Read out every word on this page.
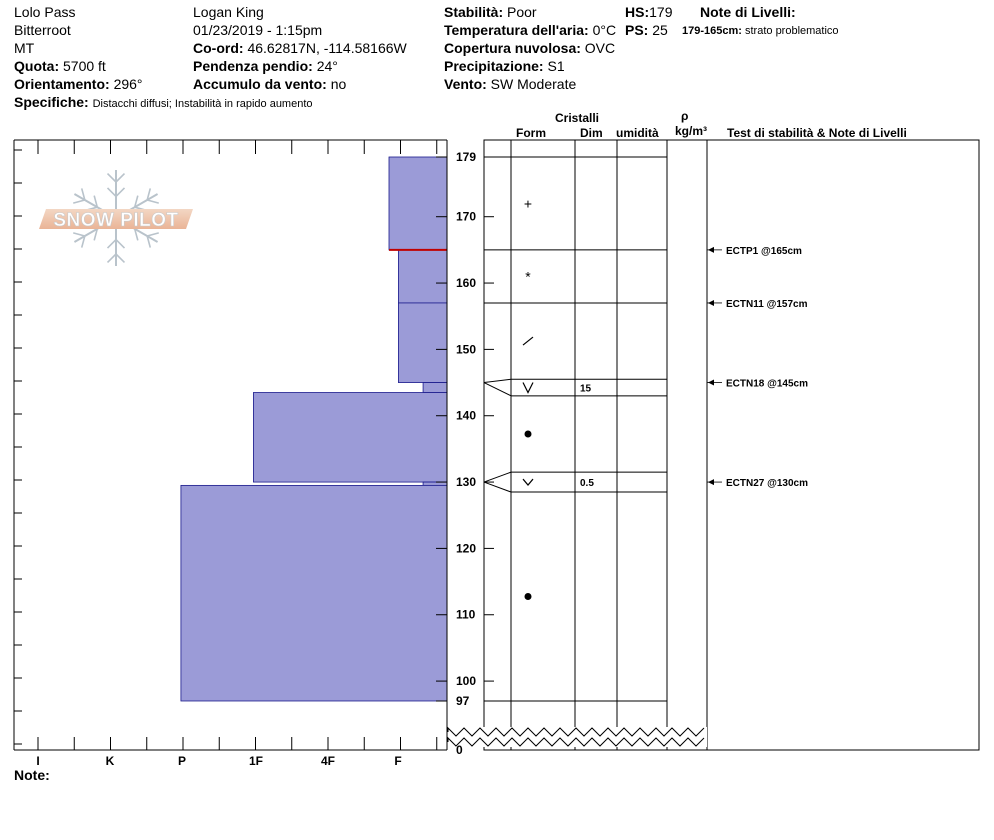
Lolo Pass
Bitterroot
MT
Quota: 5700 ft
Orientamento: 296°
Specifiche: Distacchi diffusi; Instabilità in rapido aumento
Logan King
01/23/2019 - 1:15pm
Co-ord: 46.62817N, -114.58166W
Pendenza pendio: 24°
Accumulo da vento: no
Stabilità: Poor
Temperatura dell'aria: 0°C
Copertura nuvolosa: OVC
Precipitazione: S1
Vento: SW Moderate
HS:179
PS: 25
Note di Livelli:
179-165cm: strato problematico
Cristalli
Form	Dim umidità
ρ
kg/m³ Test di stabilità & Note di Livelli
Note:
SNOW PILOT
I	K	P	1F	4F	F
179
170
160
150
140
130
120
110
100
97
0
+
*
15
0.5
ECTP1 @165cm
ECTN11 @157cm
ECTN18 @145cm
ECTN27 @130cm
